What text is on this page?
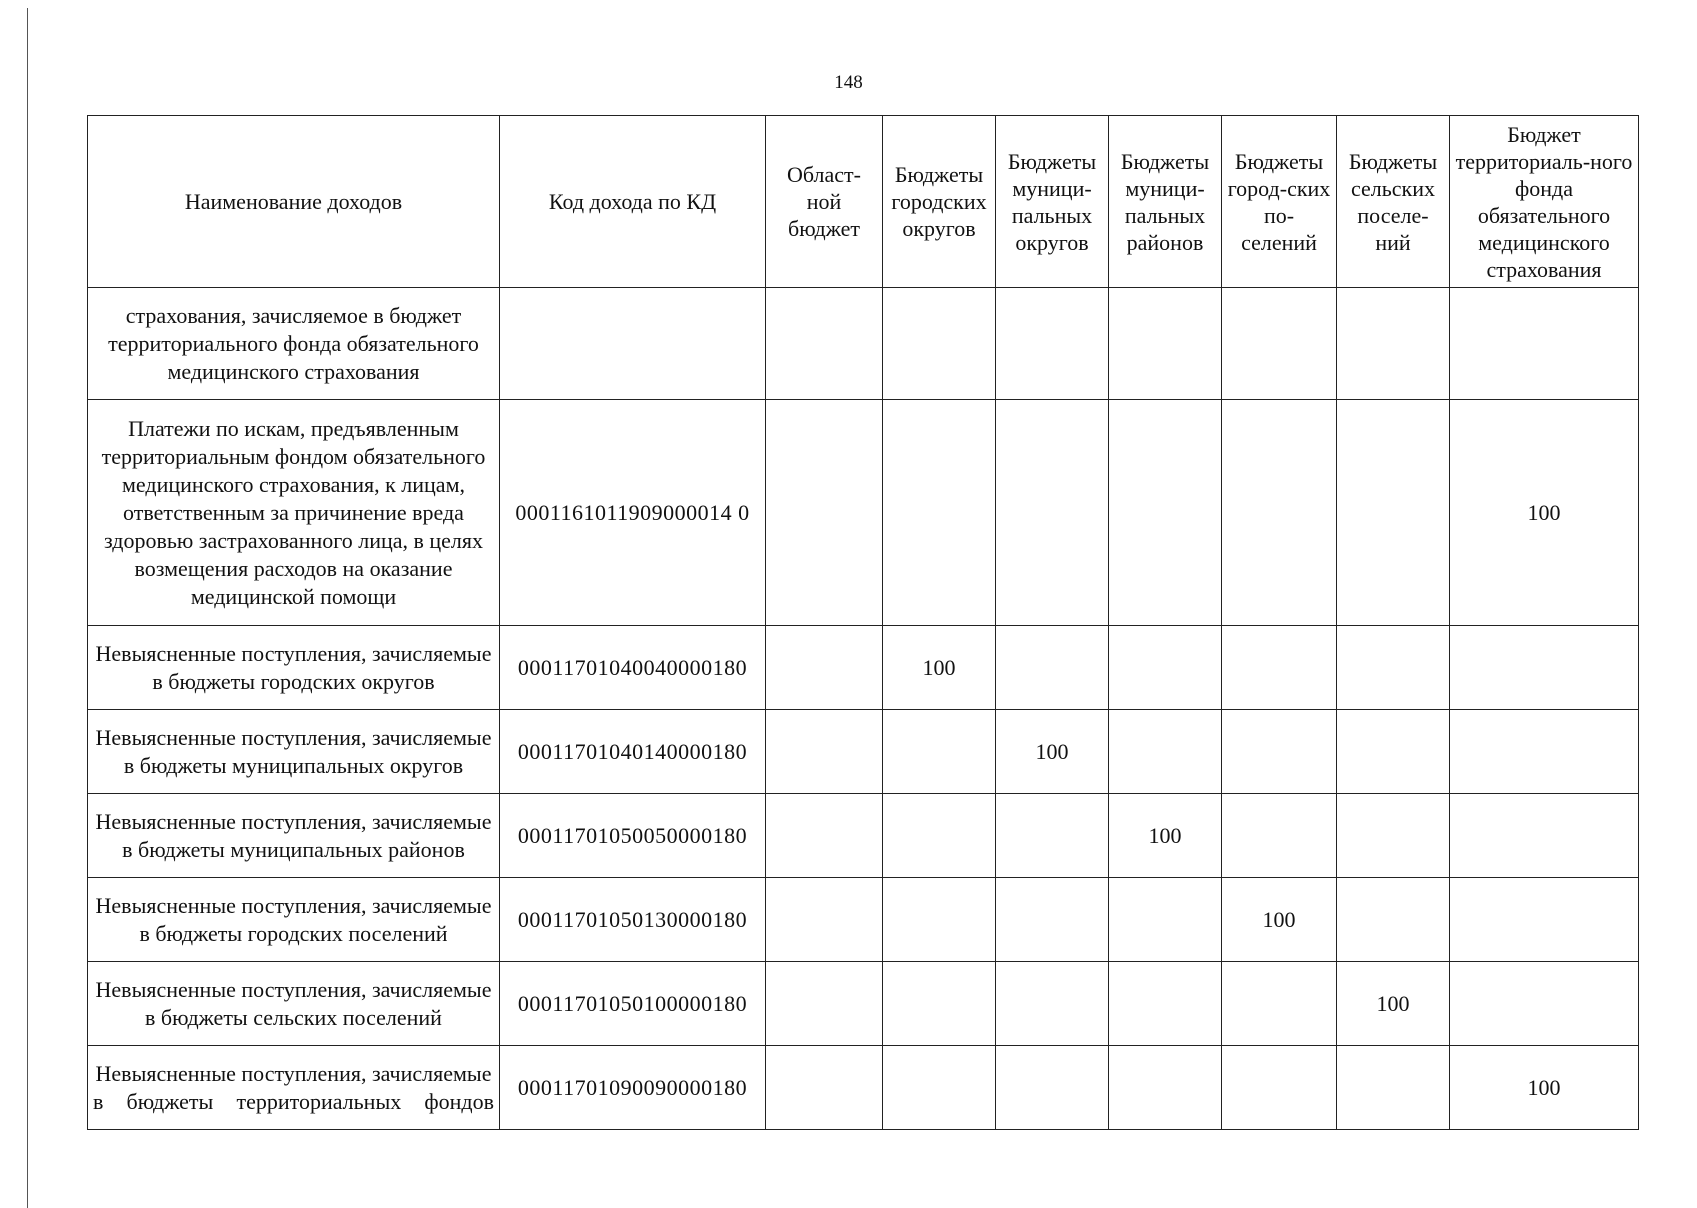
148
Наименование доходов	Код дохода по КД	Област-ной бюджет	Бюджеты городских округов	Бюджеты муници-пальных округов	Бюджеты муници-пальных районов	Бюджеты город-ских по-селений	Бюджеты сельских поселе-ний	Бюджет территориаль-ного фонда обязательного медицинского страхования
страхования, зачисляемое в бюджет территориального фонда обязательного медицинского страхования								
Платежи по искам, предъявленным территориальным фондом обязательного медицинского страхования, к лицам, ответственным за причинение вреда здоровью застрахованного лица, в целях возмещения расходов на оказание медицинской помощи	0001161011909000014 0							100
Невыясненные поступления, зачисляемые в бюджеты городских округов	00011701040040000180		100					
Невыясненные поступления, зачисляемые в бюджеты муниципальных округов	00011701040140000180			100				
Невыясненные поступления, зачисляемые в бюджеты муниципальных районов	00011701050050000180				100			
Невыясненные поступления, зачисляемые в бюджеты городских поселений	00011701050130000180					100		
Невыясненные поступления, зачисляемые в бюджеты сельских поселений	00011701050100000180						100	
Невыясненные поступления, зачисляемые в бюджеты территориальных фондов	00011701090090000180							100
